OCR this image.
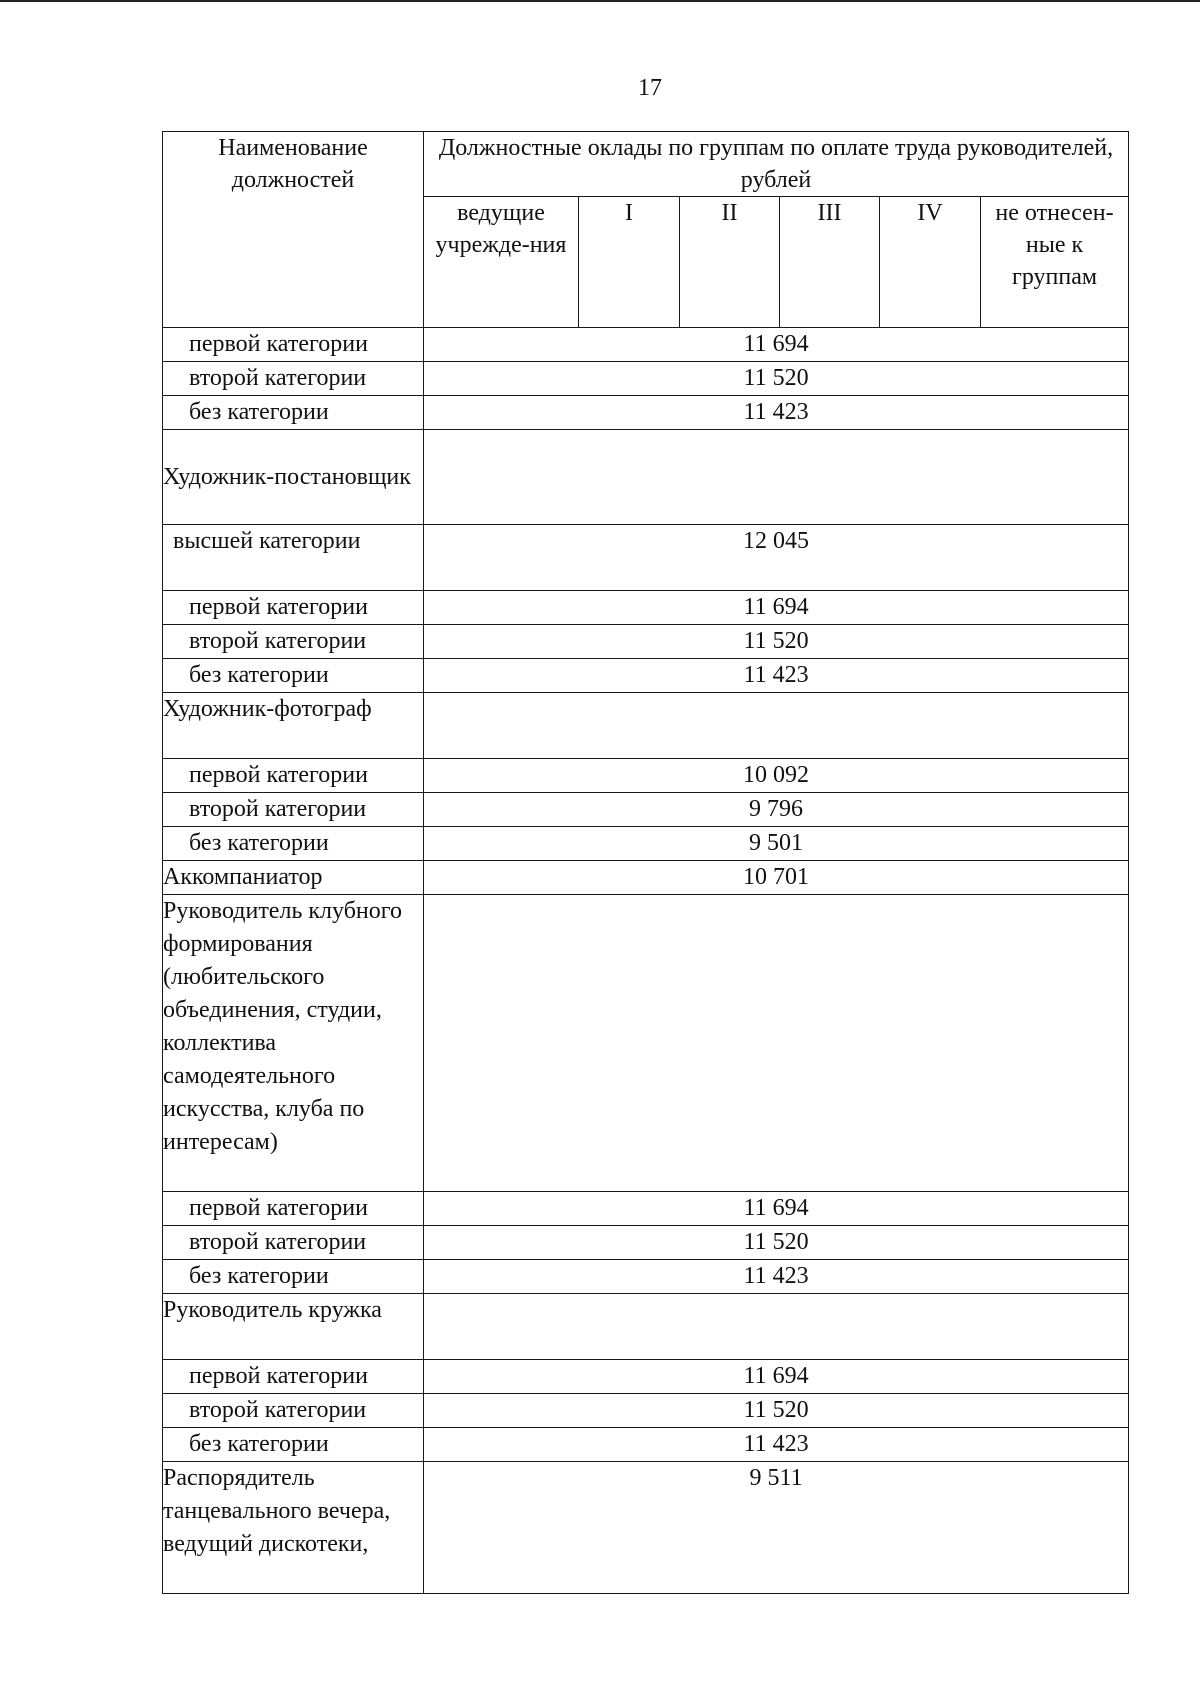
17
Наименование должностей	Должностные оклады по группам по оплате труда руководителей, рублей					
	ведущие учрежде-ния	I	II	III	IV	не отнесен-ные к группам
первой категории	11 694					
второй категории	11 520					
без категории	11 423					
Художник-постановщик						
высшей категории	12 045					
первой категории	11 694					
второй категории	11 520					
без категории	11 423					
Художник-фотограф						
первой категории	10 092					
второй категории	9 796					
без категории	9 501					
Аккомпаниатор	10 701					
Руководитель клубного формирования (любительского объединения, студии, коллектива самодеятельного искусства, клуба по интересам)						
первой категории	11 694					
второй категории	11 520					
без категории	11 423					
Руководитель кружка						
первой категории	11 694					
второй категории	11 520					
без категории	11 423					
Распорядитель танцевального вечера, ведущий дискотеки,	9 511					
